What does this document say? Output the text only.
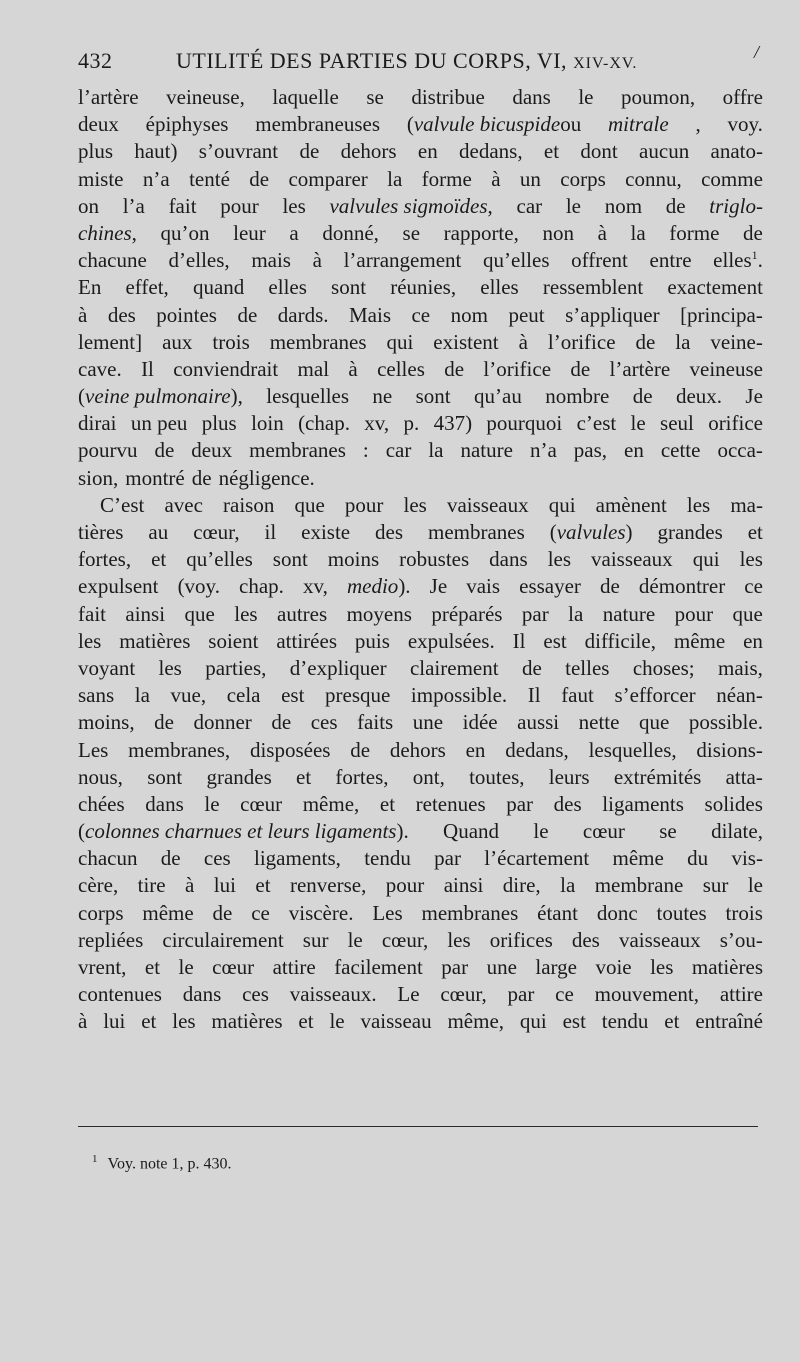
432	UTILITÉ DES PARTIES DU CORPS, VI, XIV-XV.
/
l’artère veineuse, laquelle se distribue dans le poumon, offre
deux épiphyses membraneuses (valvule bicuspideou mitrale , voy.
plus haut) s’ouvrant de dehors en dedans, et dont aucun anato-
miste n’a tenté de comparer la forme à un corps connu, comme
on l’a fait pour les valvules sigmoïdes, car le nom de triglo-
chines, qu’on leur a donné, se rapporte, non à la forme de
chacune d’elles, mais à l’arrangement qu’elles offrent entre elles$^1$.
En effet, quand elles sont réunies, elles ressemblent exactement
à des pointes de dards. Mais ce nom peut s’appliquer [principa-
lement] aux trois membranes qui existent à l’orifice de la veine-
cave. Il conviendrait mal à celles de l’orifice de l’artère veineuse
(veine pulmonaire), lesquelles ne sont qu’au nombre de deux. Je
dirai un peu plus loin (chap. xv, p. 437) pourquoi c’est le seul orifice
pourvu de deux membranes : car la nature n’a pas, en cette occa-
sion, montré de négligence.
C’est avec raison que pour les vaisseaux qui amènent les ma-
tières au cœur, il existe des membranes (valvules) grandes et
fortes, et qu’elles sont moins robustes dans les vaisseaux qui les
expulsent (voy. chap. xv, medio). Je vais essayer de démontrer ce
fait ainsi que les autres moyens préparés par la nature pour que
les matières soient attirées puis expulsées. Il est difficile, même en
voyant les parties, d’expliquer clairement de telles choses; mais,
sans la vue, cela est presque impossible. Il faut s’efforcer néan-
moins, de donner de ces faits une idée aussi nette que possible.
Les membranes, disposées de dehors en dedans, lesquelles, disions-
nous, sont grandes et fortes, ont, toutes, leurs extrémités atta-
chées dans le cœur même, et retenues par des ligaments solides
(colonnes charnues et leurs ligaments). Quand le cœur se dilate,
chacun de ces ligaments, tendu par l’écartement même du vis-
cère, tire à lui et renverse, pour ainsi dire, la membrane sur le
corps même de ce viscère. Les membranes étant donc toutes trois
repliées circulairement sur le cœur, les orifices des vaisseaux s’ou-
vrent, et le cœur attire facilement par une large voie les matières
contenues dans ces vaisseaux. Le cœur, par ce mouvement, attire
à lui et les matières et le vaisseau même, qui est tendu et entraîné
$^1$ Voy. note 1, p. 430.
